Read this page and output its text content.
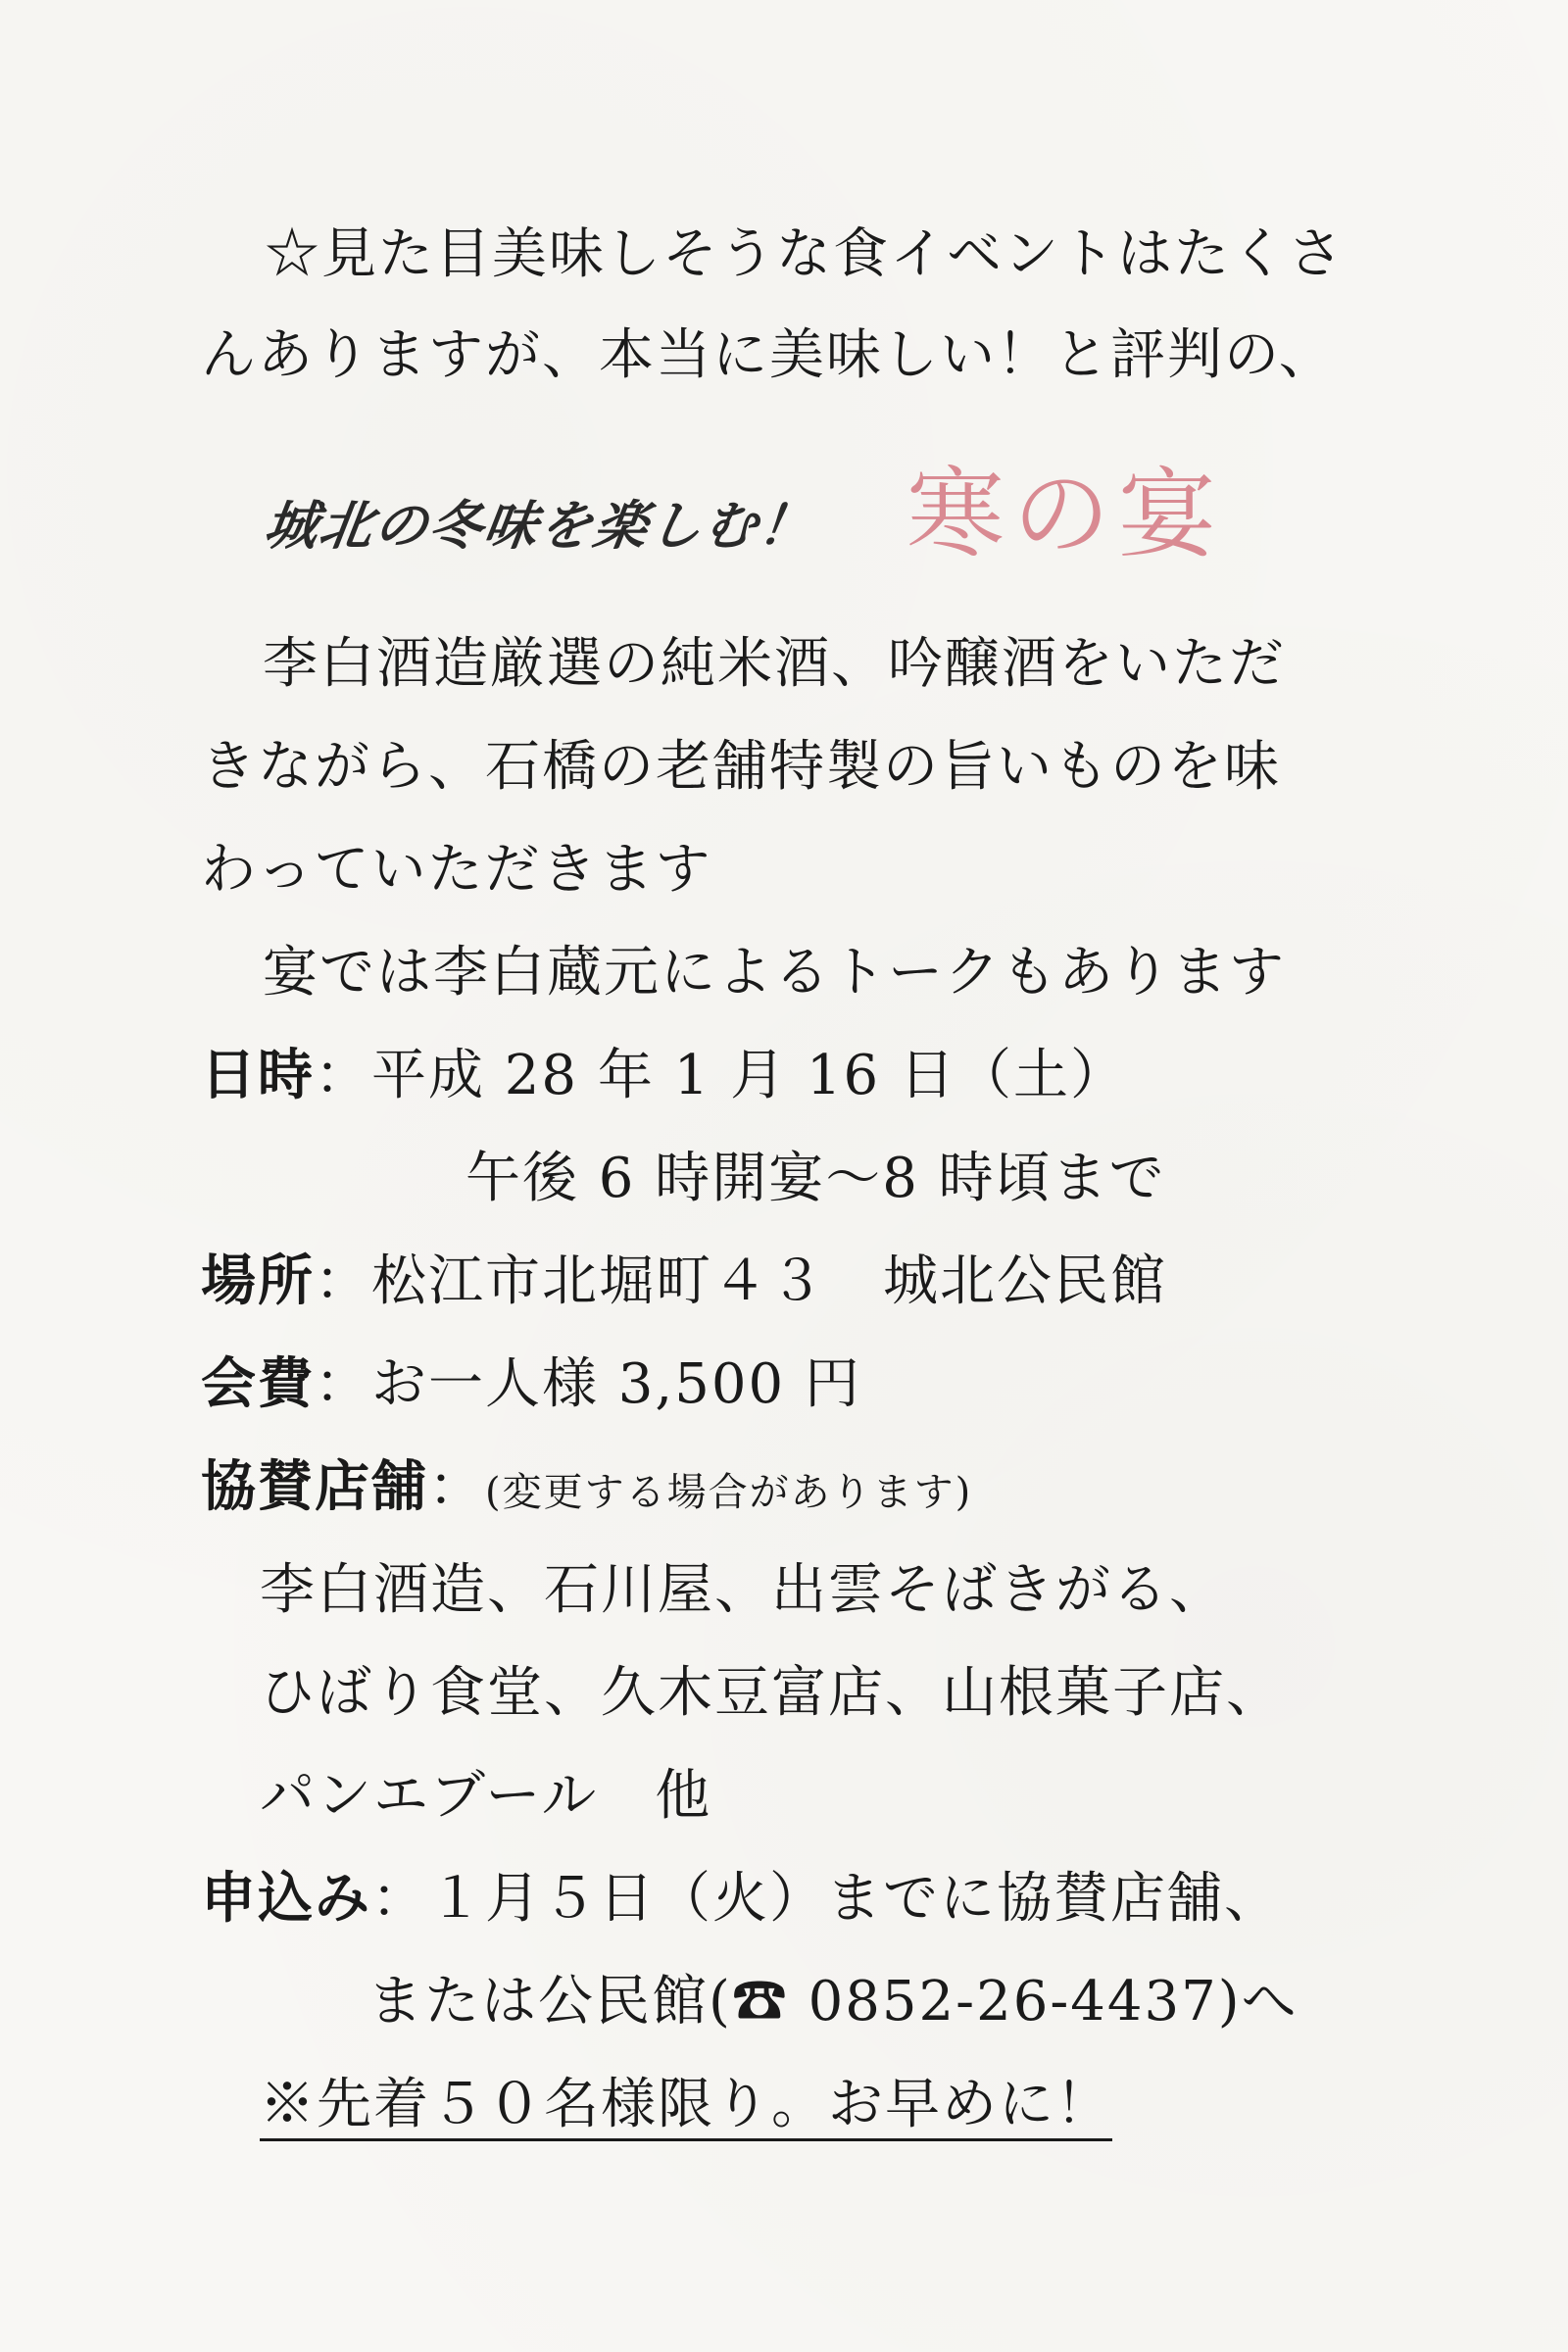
☆見た目美味しそうな食イベントはたくさ
んありますが、本当に美味しい！と評判の、
城北の冬味を楽しむ！ 寒の宴
李白酒造厳選の純米酒、吟醸酒をいただ
きながら、石橋の老舗特製の旨いものを味
わっていただきます
宴では李白蔵元によるトークもあります
日時：平成 28 年 1 月 16 日（土）
午後 6 時開宴～8 時頃まで
場所：松江市北堀町４３　城北公民館
会費：お一人様 3,500 円
協賛店舗：(変更する場合があります)
李白酒造、石川屋、出雲そばきがる、
ひばり食堂、久木豆富店、山根菓子店、
パンエブール　他
申込み：１月５日（火）までに協賛店舗、
または公民館(☎ 0852-26-4437)へ
※先着５０名様限り。お早めに！
